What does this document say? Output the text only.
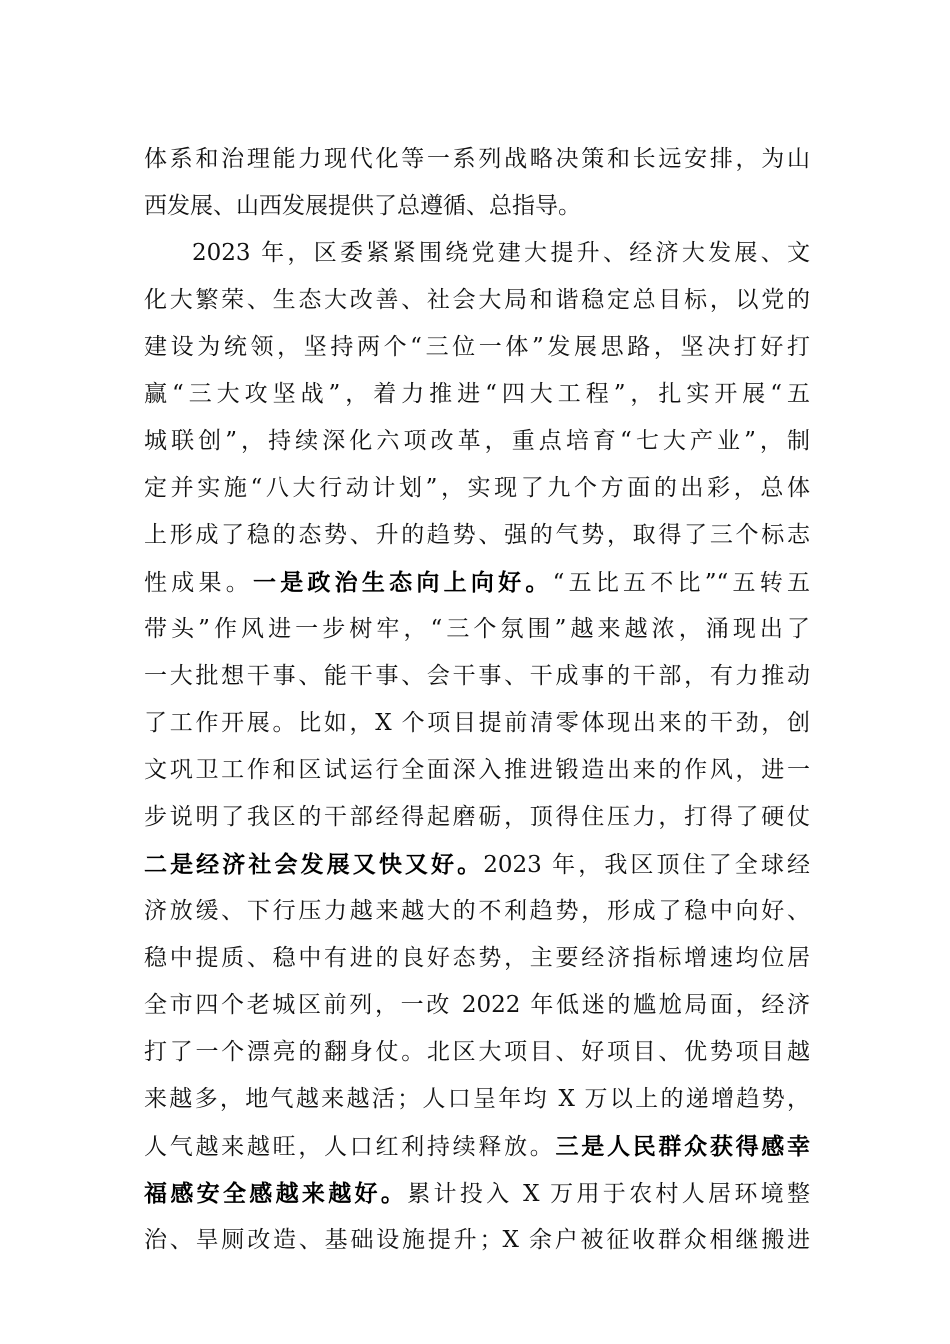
体系和治理能力现代化等一系列战略决策和长远安排，为山
西发展、山西发展提供了总遵循、总指导。
2023 年，区委紧紧围绕党建大提升、经济大发展、文
化大繁荣、生态大改善、社会大局和谐稳定总目标，以党的
建设为统领，坚持两个“三位一体”发展思路，坚决打好打
赢“三大攻坚战”，着力推进“四大工程”，扎实开展“五
城联创”，持续深化六项改革，重点培育“七大产业”，制
定并实施“八大行动计划”，实现了九个方面的出彩，总体
上形成了稳的态势、升的趋势、强的气势，取得了三个标志
性成果。一是政治生态向上向好。“五比五不比”“五转五
带头”作风进一步树牢，“三个氛围”越来越浓，涌现出了
一大批想干事、能干事、会干事、干成事的干部，有力推动
了工作开展。比如，X 个项目提前清零体现出来的干劲，创
文巩卫工作和区试运行全面深入推进锻造出来的作风，进一
步说明了我区的干部经得起磨砺，顶得住压力，打得了硬仗
二是经济社会发展又快又好。2023 年，我区顶住了全球经
济放缓、下行压力越来越大的不利趋势，形成了稳中向好、
稳中提质、稳中有进的良好态势，主要经济指标增速均位居
全市四个老城区前列，一改 2022 年低迷的尴尬局面，经济
打了一个漂亮的翻身仗。北区大项目、好项目、优势项目越
来越多，地气越来越活；人口呈年均 X 万以上的递增趋势，
人气越来越旺，人口红利持续释放。三是人民群众获得感幸
福感安全感越来越好。累计投入 X 万用于农村人居环境整
治、旱厕改造、基础设施提升；X 余户被征收群众相继搬进
